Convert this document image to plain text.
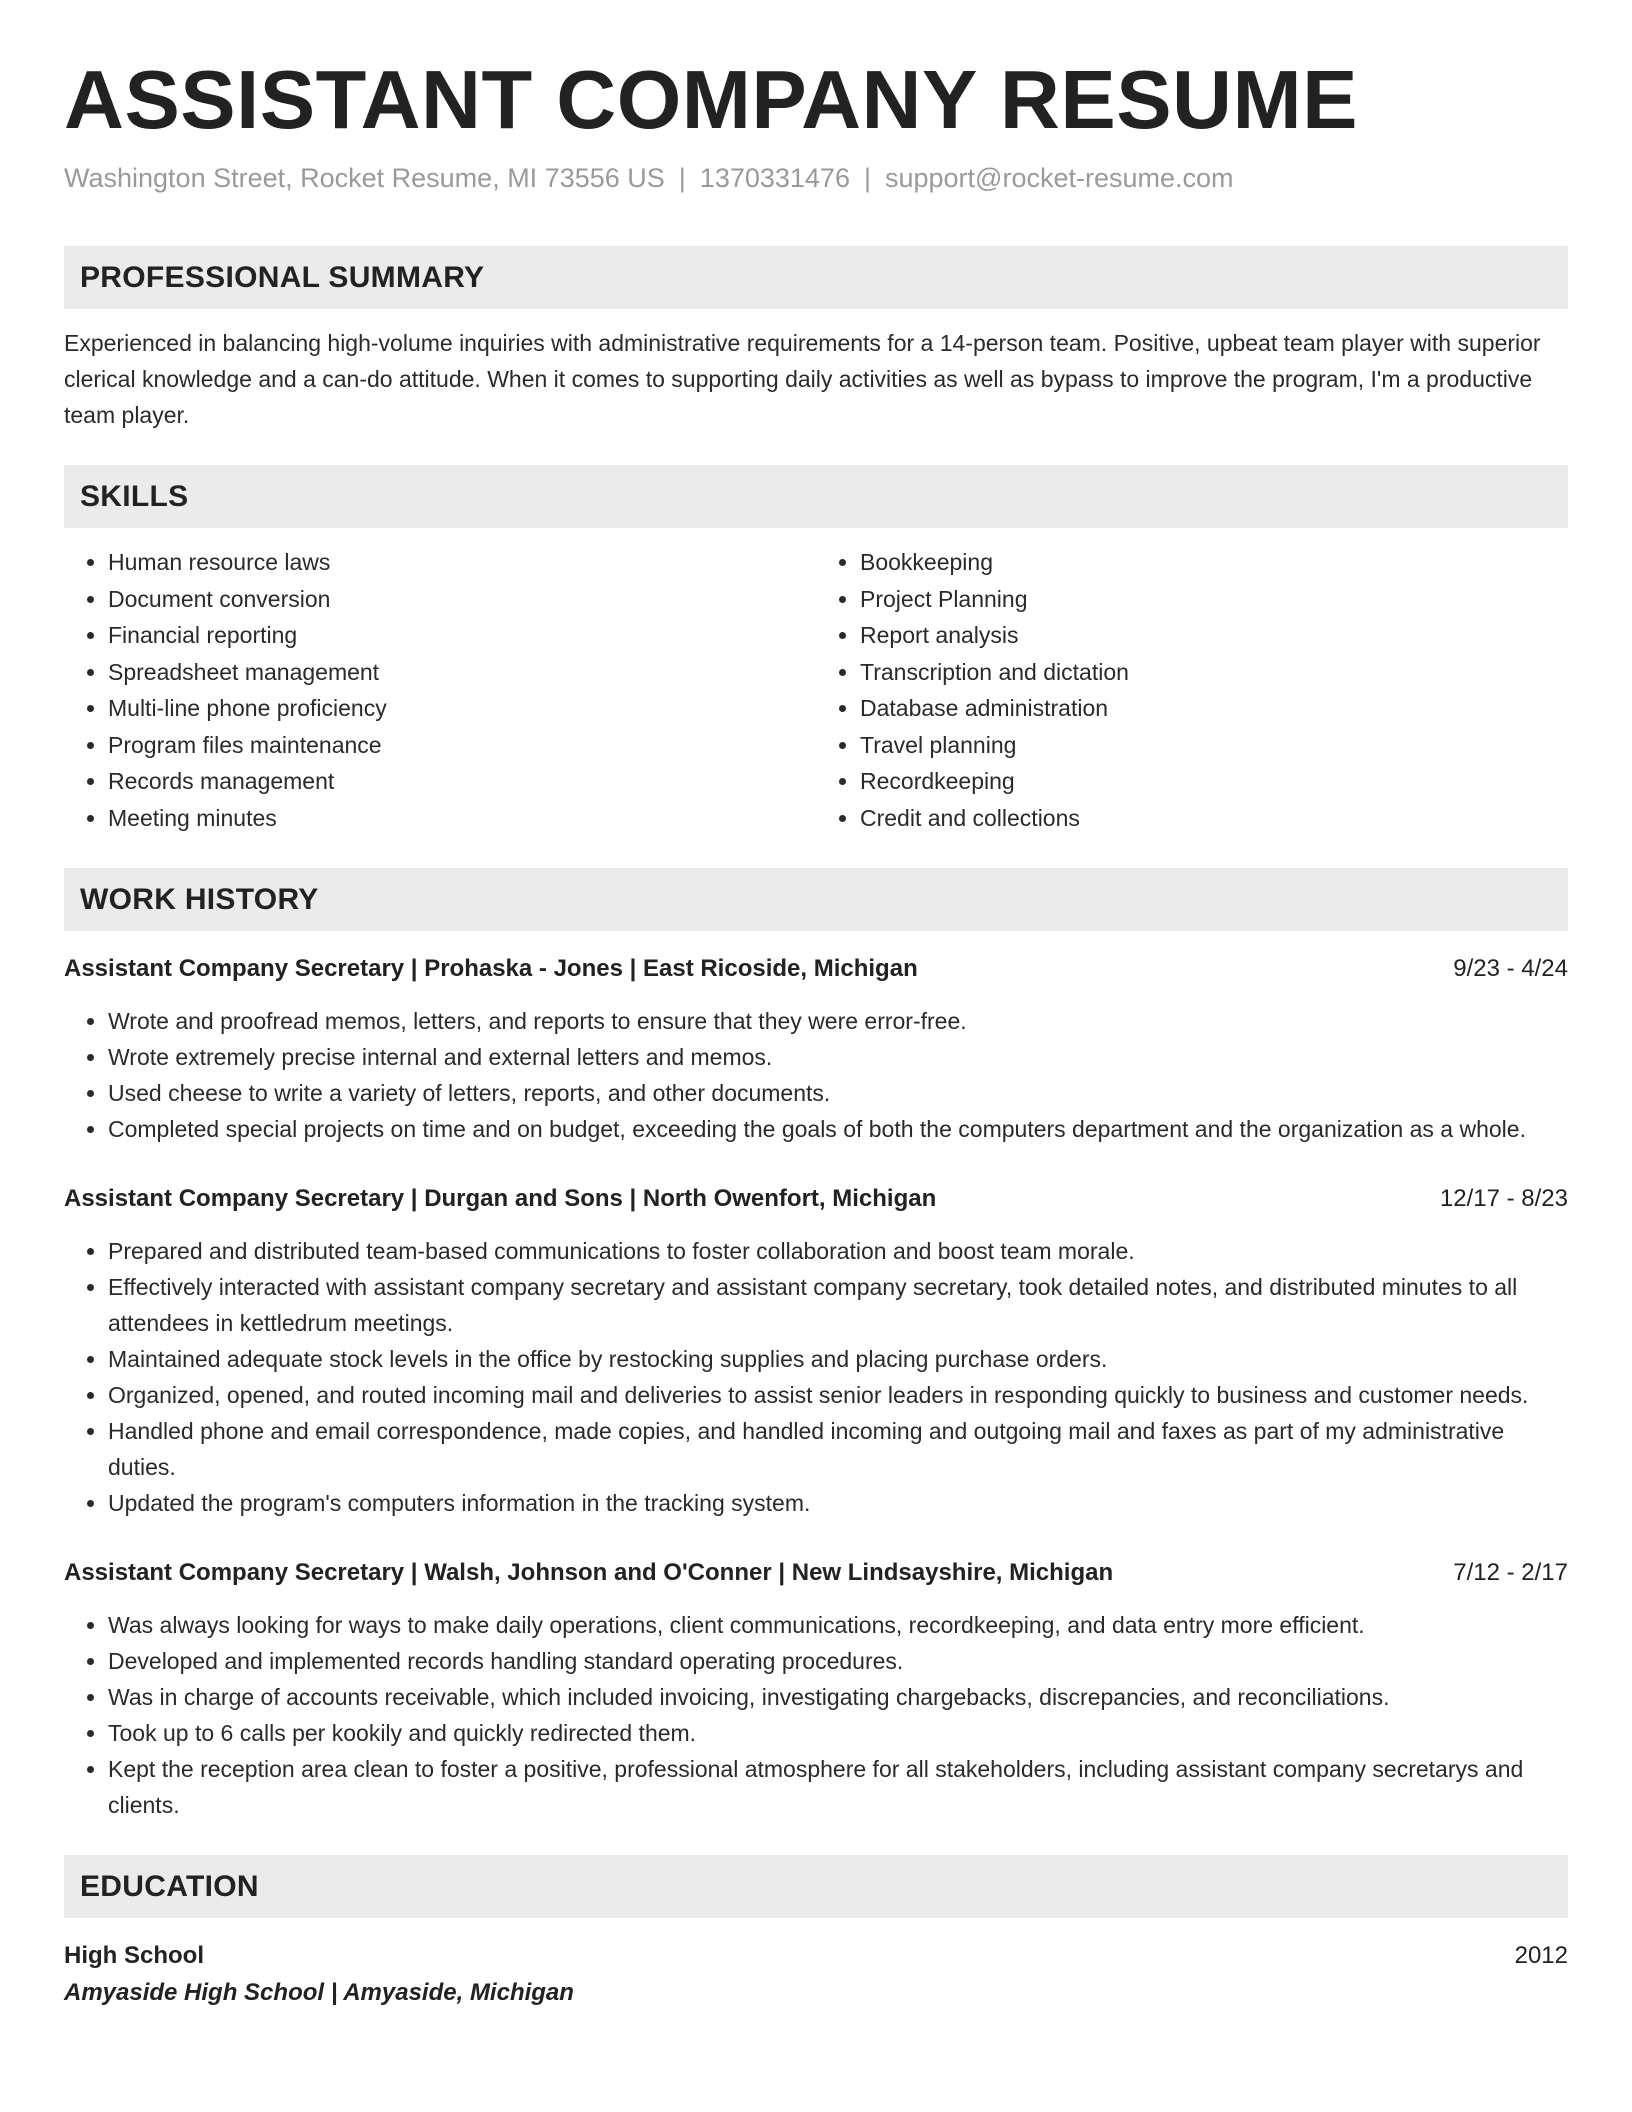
ASSISTANT COMPANY RESUME
Washington Street, Rocket Resume, MI 73556 US | 1370331476 | support@rocket-resume.com
PROFESSIONAL SUMMARY
Experienced in balancing high-volume inquiries with administrative requirements for a 14-person team. Positive, upbeat team player with superior clerical knowledge and a can-do attitude. When it comes to supporting daily activities as well as bypass to improve the program, I'm a productive team player.
SKILLS
• Human resource laws
• Document conversion
• Financial reporting
• Spreadsheet management
• Multi-line phone proficiency
• Program files maintenance
• Records management
• Meeting minutes
• Bookkeeping
• Project Planning
• Report analysis
• Transcription and dictation
• Database administration
• Travel planning
• Recordkeeping
• Credit and collections
WORK HISTORY
Assistant Company Secretary | Prohaska - Jones | East Ricoside, Michigan	9/23 - 4/24
• Wrote and proofread memos, letters, and reports to ensure that they were error-free.
• Wrote extremely precise internal and external letters and memos.
• Used cheese to write a variety of letters, reports, and other documents.
• Completed special projects on time and on budget, exceeding the goals of both the computers department and the organization as a whole.
Assistant Company Secretary | Durgan and Sons | North Owenfort, Michigan	12/17 - 8/23
• Prepared and distributed team-based communications to foster collaboration and boost team morale.
• Effectively interacted with assistant company secretary and assistant company secretary, took detailed notes, and distributed minutes to all attendees in kettledrum meetings.
• Maintained adequate stock levels in the office by restocking supplies and placing purchase orders.
• Organized, opened, and routed incoming mail and deliveries to assist senior leaders in responding quickly to business and customer needs.
• Handled phone and email correspondence, made copies, and handled incoming and outgoing mail and faxes as part of my administrative duties.
• Updated the program's computers information in the tracking system.
Assistant Company Secretary | Walsh, Johnson and O'Conner | New Lindsayshire, Michigan	7/12 - 2/17
• Was always looking for ways to make daily operations, client communications, recordkeeping, and data entry more efficient.
• Developed and implemented records handling standard operating procedures.
• Was in charge of accounts receivable, which included invoicing, investigating chargebacks, discrepancies, and reconciliations.
• Took up to 6 calls per kookily and quickly redirected them.
• Kept the reception area clean to foster a positive, professional atmosphere for all stakeholders, including assistant company secretarys and clients.
EDUCATION
High School	2012
Amyaside High School | Amyaside, Michigan
